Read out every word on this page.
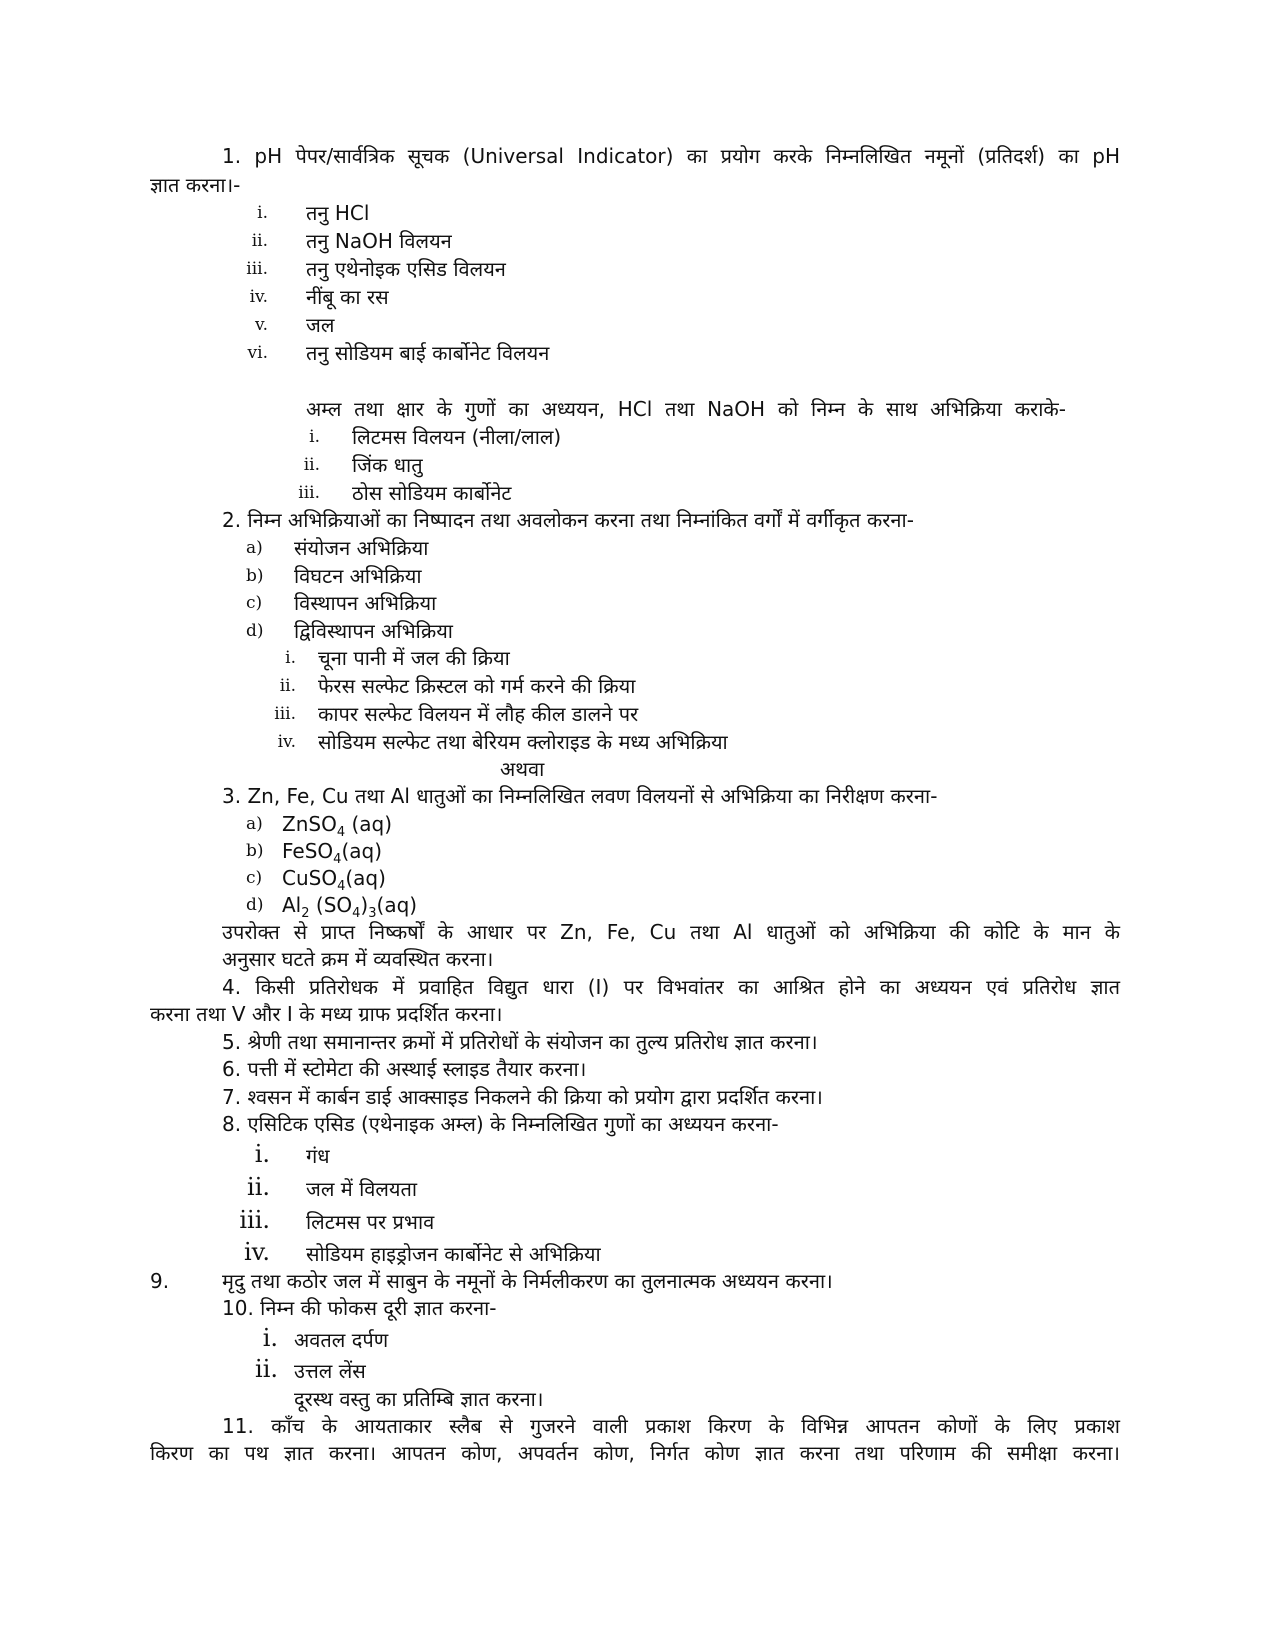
1. pH पेपर/सार्वत्रिक सूचक (Universal Indicator) का प्रयोग करके निम्नलिखित नमूनों (प्रतिदर्श) का pH
ज्ञात करना।-
i. तनु HCl
ii. तनु NaOH विलयन
iii. तनु एथेनोइक एसिड विलयन
iv. नींबू का रस
v. जल
vi. तनु सोडियम बाई कार्बोनेट विलयन
अम्ल तथा क्षार के गुणों का अध्ययन, HCl तथा NaOH को निम्न के साथ अभिक्रिया कराके-
i. लिटमस विलयन (नीला/लाल)
ii. जिंक धातु
iii. ठोस सोडियम कार्बोनेट
2. निम्न अभिक्रियाओं का निष्पादन तथा अवलोकन करना तथा निम्नांकित वर्गों में वर्गीकृत करना-
a)	संयोजन अभिक्रिया
b)	विघटन अभिक्रिया
c)	विस्थापन अभिक्रिया
d)	द्विविस्थापन अभिक्रिया
i. चूना पानी में जल की क्रिया
ii. फेरस सल्फेट क्रिस्टल को गर्म करने की क्रिया
iii. कापर सल्फेट विलयन में लौह कील डालने पर
iv. सोडियम सल्फेट तथा बेरियम क्लोराइड के मध्य अभिक्रिया
अथवा
3. Zn, Fe, Cu तथा Al धातुओं का निम्नलिखित लवण विलयनों से अभिक्रिया का निरीक्षण करना-
a) ZnSO$_4$ (aq)
b) FeSO$_4$(aq)
c) CuSO$_4$(aq)
d) $Al_2$ $(SO_4)_3(aq)$
उपरोक्त से प्राप्त निष्कर्षों के आधार पर Zn, Fe, Cu तथा Al धातुओं को अभिक्रिया की कोटि के मान के
अनुसार घटते क्रम में व्यवस्थित करना।
4. किसी प्रतिरोधक में प्रवाहित विद्युत धारा (I) पर विभवांतर का आश्रित होने का अध्ययन एवं प्रतिरोध ज्ञात
करना तथा V और I के मध्य ग्राफ प्रदर्शित करना।
5. श्रेणी तथा समानान्तर क्रमों में प्रतिरोधों के संयोजन का तुल्य प्रतिरोध ज्ञात करना।
6. पत्ती में स्टोमेटा की अस्थाई स्लाइड तैयार करना।
7. श्वसन में कार्बन डाई आक्साइड निकलने की क्रिया को प्रयोग द्वारा प्रदर्शित करना।
8. एसिटिक एसिड (एथेनाइक अम्ल) के निम्नलिखित गुणों का अध्ययन करना-
i. गंध
ii. जल में विलयता
iii. लिटमस पर प्रभाव
iv. सोडियम हाइड्रोजन कार्बोनेट से अभिक्रिया
9.	मृदु तथा कठोर जल में साबुन के नमूनों के निर्मलीकरण का तुलनात्मक अध्ययन करना।
10. निम्न की फोकस दूरी ज्ञात करना-
i. अवतल दर्पण
ii. उत्तल लेंस
दूरस्थ वस्तु का प्रतिम्बि ज्ञात करना।
11. काँच के आयताकार स्लैब से गुजरने वाली प्रकाश किरण के विभिन्न आपतन कोणों के लिए प्रकाश
किरण का पथ ज्ञात करना। आपतन कोण, अपवर्तन कोण, निर्गत कोण ज्ञात करना तथा परिणाम की समीक्षा करना।
